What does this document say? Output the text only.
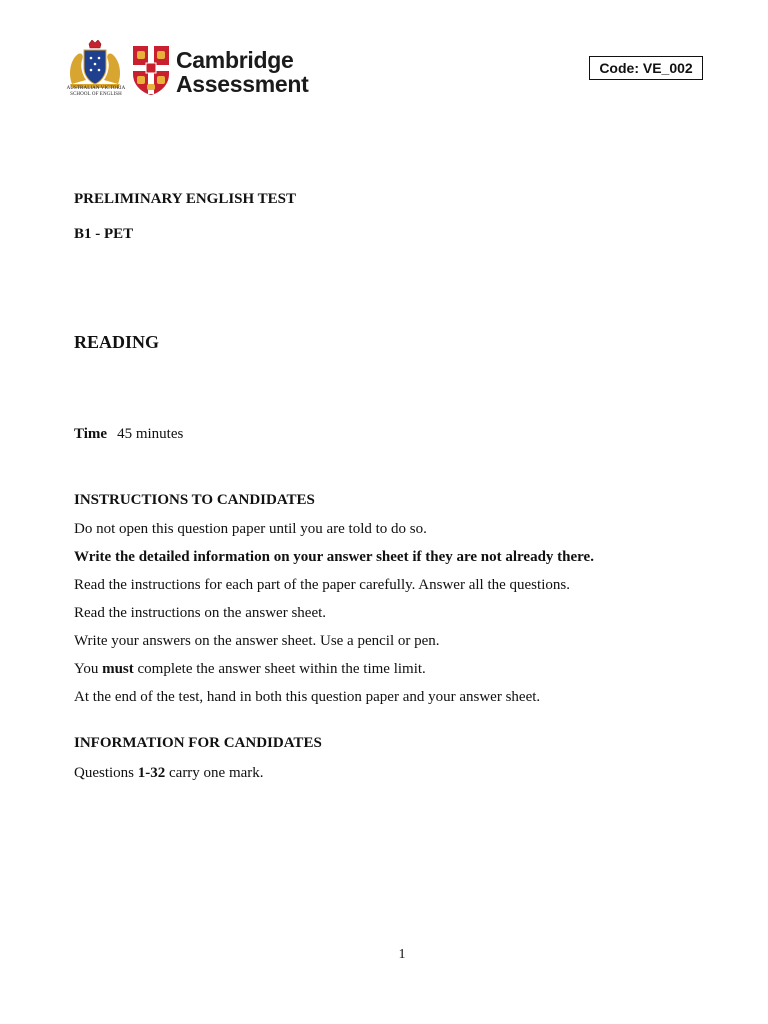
AUSTRALIAN VICTORIA
SCHOOL OF ENGLISH
Cambridge
Assessment
Code: VE_002
PRELIMINARY ENGLISH TEST
B1 - PET
READING
Time 45 minutes
INSTRUCTIONS TO CANDIDATES
Do not open this question paper until you are told to do so.
Write the detailed information on your answer sheet if they are not already there.
Read the instructions for each part of the paper carefully. Answer all the questions.
Read the instructions on the answer sheet.
Write your answers on the answer sheet. Use a pencil or pen.
You must complete the answer sheet within the time limit.
At the end of the test, hand in both this question paper and your answer sheet.
INFORMATION FOR CANDIDATES
Questions 1-32 carry one mark.
1
